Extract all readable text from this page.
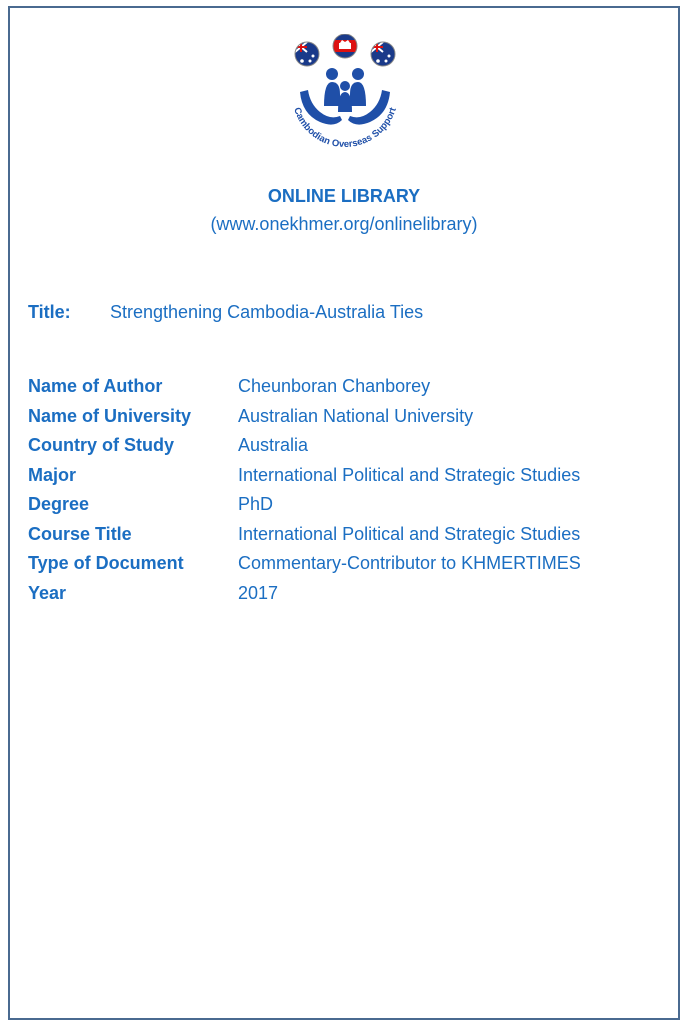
Cambodian Overseas Support
ONLINE LIBRARY
(www.onekhmer.org/onlinelibrary)
Title: Strengthening Cambodia-Australia Ties
Name of Author	Cheunboran Chanborey
Name of University	Australian National University
Country of Study	Australia
Major	International Political and Strategic Studies
Degree	PhD
Course Title	International Political and Strategic Studies
Type of Document	Commentary-Contributor to KHMERTIMES
Year	2017
